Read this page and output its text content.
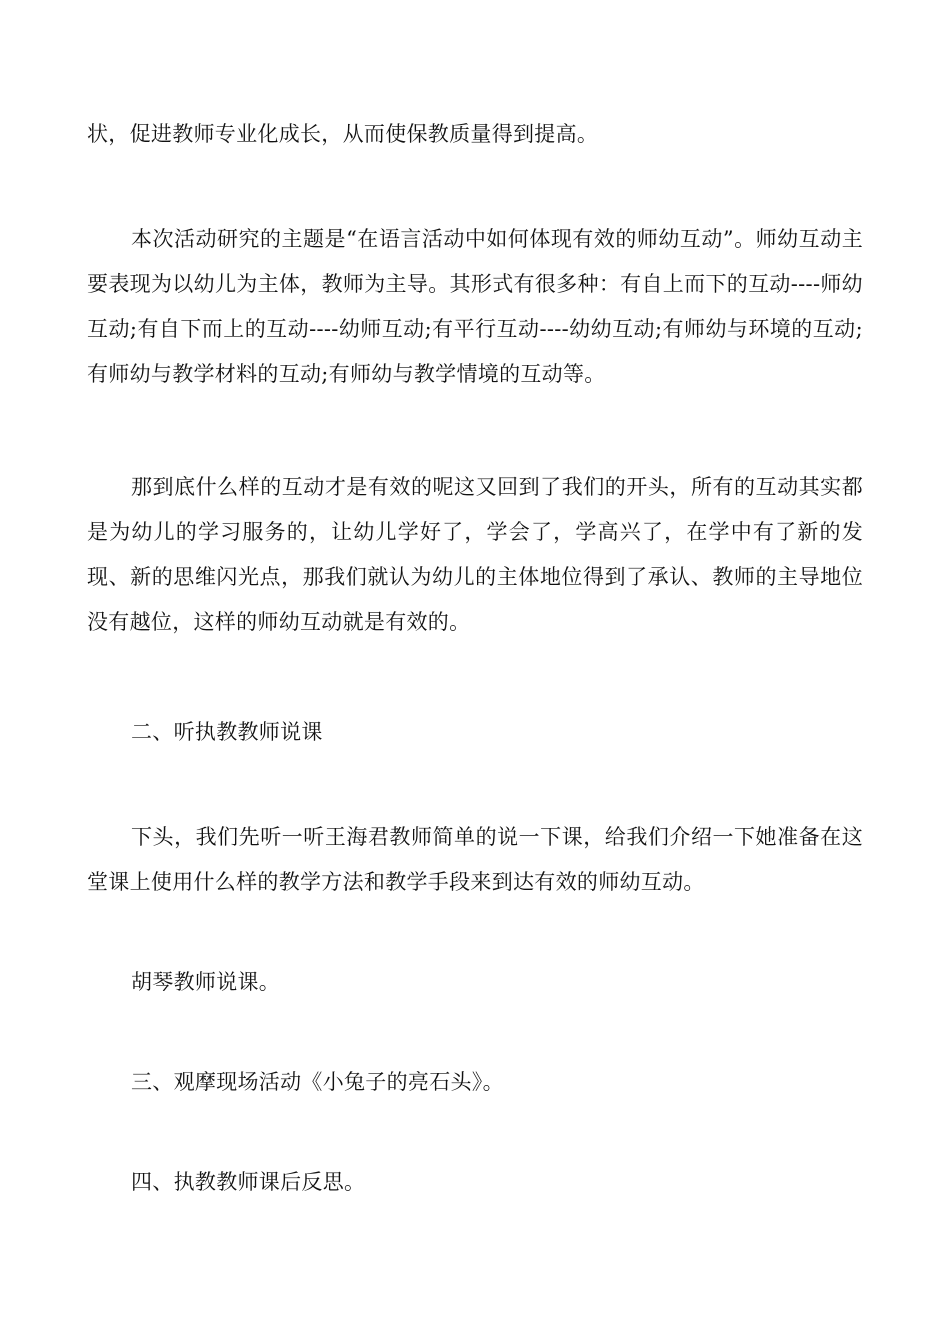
状，促进教师专业化成长，从而使保教质量得到提高。

本次活动研究的主题是“在语言活动中如何体现有效的师幼互动”。师幼互动主要表现为以幼儿为主体，教师为主导。其形式有很多种：有自上而下的互动----师幼互动;有自下而上的互动----幼师互动;有平行互动----幼幼互动;有师幼与环境的互动;有师幼与教学材料的互动;有师幼与教学情境的互动等。

那到底什么样的互动才是有效的呢这又回到了我们的开头，所有的互动其实都是为幼儿的学习服务的，让幼儿学好了，学会了，学高兴了，在学中有了新的发现、新的思维闪光点，那我们就认为幼儿的主体地位得到了承认、教师的主导地位没有越位，这样的师幼互动就是有效的。

二、听执教教师说课

下头，我们先听一听王海君教师简单的说一下课，给我们介绍一下她准备在这堂课上使用什么样的教学方法和教学手段来到达有效的师幼互动。

胡琴教师说课。

三、观摩现场活动《小兔子的亮石头》。

四、执教教师课后反思。
